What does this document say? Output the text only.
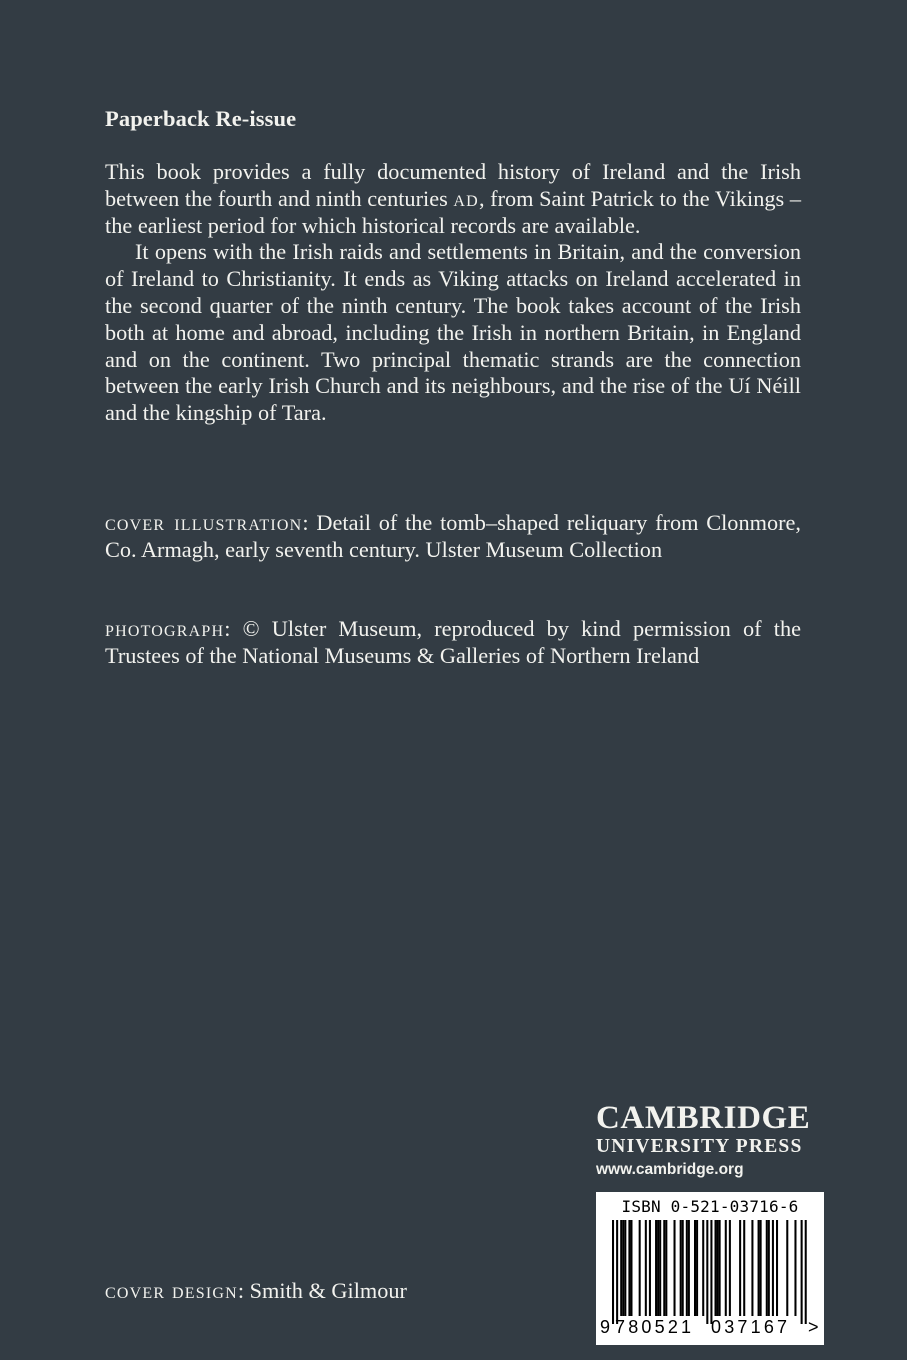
Paperback Re-issue

This book provides a fully documented history of Ireland and the Irish between the fourth and ninth centuries ad, from Saint Patrick to the Vikings – the earliest period for which historical records are available.

It opens with the Irish raids and settlements in Britain, and the conversion of Ireland to Christianity. It ends as Viking attacks on Ireland accelerated in the second quarter of the ninth century. The book takes account of the Irish both at home and abroad, including the Irish in northern Britain, in England and on the continent. Two principal thematic strands are the connection between the early Irish Church and its neighbours, and the rise of the Uí Néill and the kingship of Tara.

cover illustration: Detail of the tomb–shaped reliquary from Clonmore, Co. Armagh, early seventh century. Ulster Museum Collection

photograph: © Ulster Museum, reproduced by kind permission of the Trustees of the National Museums & Galleries of Northern Ireland

cover design: Smith & Gilmour
CAMBRIDGE
UNIVERSITY PRESS
www.cambridge.org
ISBN 0-521-03716-6
9 780521 037167 >
